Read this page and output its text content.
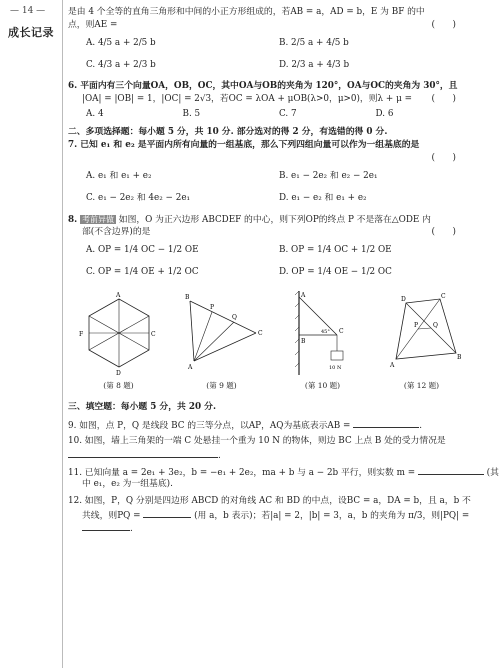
— 14 —
成长记录
是由 4 个全等的直角三角形和中间的小正方形组成的，若AB = a，AD = b，E 为 BF 的中
点，则AE =	(　　)
A. 4/5 a + 2/5 b	B. 2/5 a + 4/5 b
C. 4/3 a + 2/3 b	D. 2/3 a + 4/3 b
6. 平面内有三个向量OA，OB，OC，其中OA与OB的夹角为 120°，OA与OC的夹角为 30°，且
|OA| = |OB| = 1，|OC| = 2√3，若OC = λOA + μOB(λ>0，μ>0)，则λ + μ = (　　)
A. 4	B. 5	C. 7	D. 6
二、多项选择题：每小题 5 分，共 10 分. 部分选对的得 2 分，有选错的得 0 分.
7. 已知 e₁ 和 e₂ 是平面内所有向量的一组基底，那么下列四组向量可以作为一组基底的是
(　　)
A. e₁ 和 e₁ + e₂	B. e₁ − 2e₂ 和 e₂ − 2e₁
C. e₁ − 2e₂ 和 4e₂ − 2e₁	D. e₁ − e₂ 和 e₁ + e₂
8. 考前异做 如图，O 为正六边形 ABCDEF 的中心，则下列OP的终点 P 不是落在△ODE 内
部(不含边界)的是	(　　)
A. OP = 1/4 OC − 1/2 OE	B. OP = 1/4 OC + 1/2 OE
C. OP = 1/4 OE + 1/2 OC	D. OP = 1/4 OE − 1/2 OC
F	C
A
D
(第 8 题)
B
A
C
P
Q
(第 9 题)
A
B
C
45°
10 N
(第 10 题)
A
D	C
B
P Q
(第 12 题)
三、填空题：每小题 5 分，共 20 分.
9. 如图，点 P，Q 是线段 BC 的三等分点，以AP，AQ为基底表示AB =	.
10. 如图，墙上三角架的一端 C 处悬挂一个重为 10 N 的物体，则边 BC 上点 B 处的受力情况是
.
11. 已知向量 a = 2e₁ + 3e₂，b = −e₁ + 2e₂，ma + b 与 a − 2b 平行，则实数 m =	(其
中 e₁，e₂ 为一组基底).
12. 如图，P，Q 分别是四边形 ABCD 的对角线 AC 和 BD 的中点，设BC = a，DA = b，且 a，b 不
共线，则PQ =	(用 a，b 表示)；若|a| = 2，|b| = 3，a，b 的夹角为 π/3，则|PQ| =
.
